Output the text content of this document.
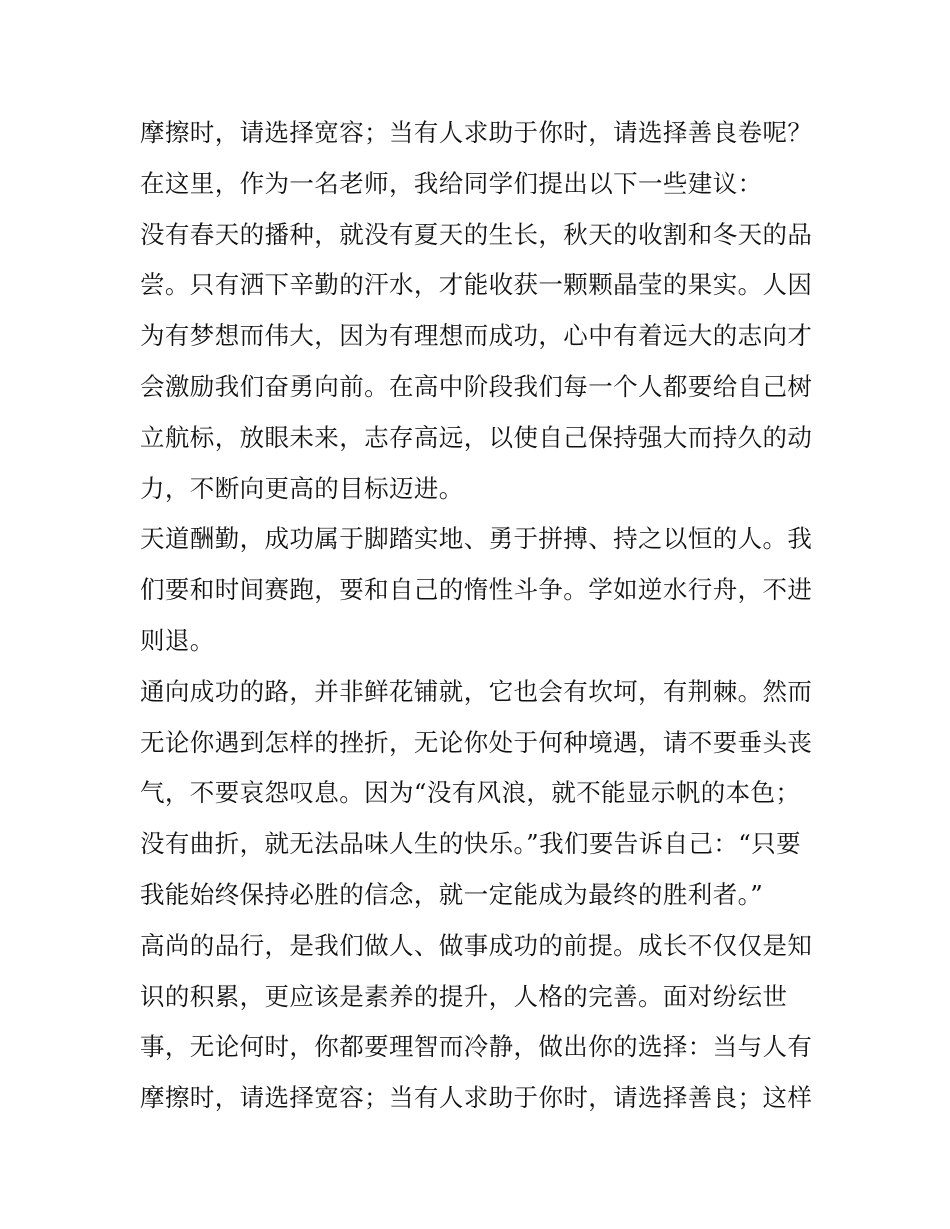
摩擦时，请选择宽容；当有人求助于你时，请选择善良卷呢？
在这里，作为一名老师，我给同学们提出以下一些建议：
没有春天的播种，就没有夏天的生长，秋天的收割和冬天的品
尝。只有洒下辛勤的汗水，才能收获一颗颗晶莹的果实。人因
为有梦想而伟大，因为有理想而成功，心中有着远大的志向才
会激励我们奋勇向前。在高中阶段我们每一个人都要给自己树
立航标，放眼未来，志存高远，以使自己保持强大而持久的动
力，不断向更高的目标迈进。
天道酬勤，成功属于脚踏实地、勇于拼搏、持之以恒的人。我
们要和时间赛跑，要和自己的惰性斗争。学如逆水行舟，不进
则退。
通向成功的路，并非鲜花铺就，它也会有坎坷，有荆棘。然而
无论你遇到怎样的挫折，无论你处于何种境遇，请不要垂头丧
气，不要哀怨叹息。因为“没有风浪，就不能显示帆的本色；
没有曲折，就无法品味人生的快乐。”我们要告诉自己：“只要
我能始终保持必胜的信念，就一定能成为最终的胜利者。”
高尚的品行，是我们做人、做事成功的前提。成长不仅仅是知
识的积累，更应该是素养的提升，人格的完善。面对纷纭世
事，无论何时，你都要理智而冷静，做出你的选择：当与人有
摩擦时，请选择宽容；当有人求助于你时，请选择善良；这样
